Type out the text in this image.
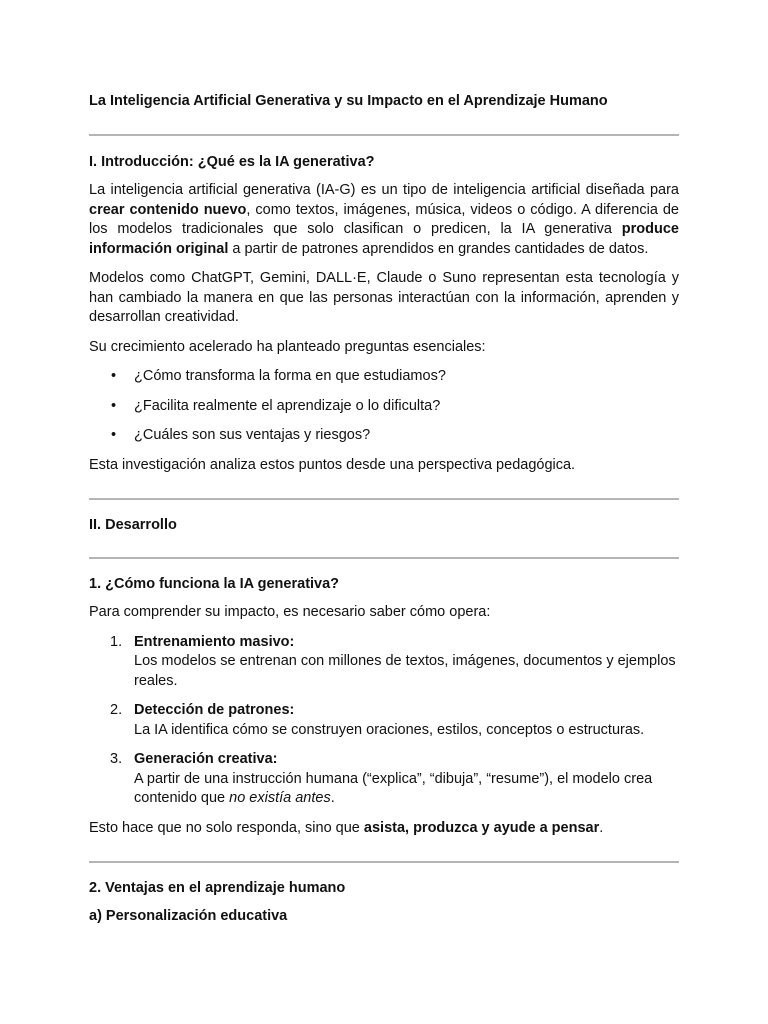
La Inteligencia Artificial Generativa y su Impacto en el Aprendizaje Humano
I. Introducción: ¿Qué es la IA generativa?

La inteligencia artificial generativa (IA-G) es un tipo de inteligencia artificial diseñada para crear contenido nuevo, como textos, imágenes, música, videos o código. A diferencia de los modelos tradicionales que solo clasifican o predicen, la IA generativa produce información original a partir de patrones aprendidos en grandes cantidades de datos.

Modelos como ChatGPT, Gemini, DALL·E, Claude o Suno representan esta tecnología y han cambiado la manera en que las personas interactúan con la información, aprenden y desarrollan creatividad.

Su crecimiento acelerado ha planteado preguntas esenciales:

• ¿Cómo transforma la forma en que estudiamos?
• ¿Facilita realmente el aprendizaje o lo dificulta?
• ¿Cuáles son sus ventajas y riesgos?

Esta investigación analiza estos puntos desde una perspectiva pedagógica.

II. Desarrollo
1. ¿Cómo funciona la IA generativa?

Para comprender su impacto, es necesario saber cómo opera:

1. Entrenamiento masivo:
Los modelos se entrenan con millones de textos, imágenes, documentos y ejemplos reales.
2. Detección de patrones:
La IA identifica cómo se construyen oraciones, estilos, conceptos o estructuras.
3. Generación creativa:
A partir de una instrucción humana (“explica”, “dibuja”, “resume”), el modelo crea contenido que no existía antes.

Esto hace que no solo responda, sino que asista, produzca y ayude a pensar.

2. Ventajas en el aprendizaje humano
a) Personalización educativa
